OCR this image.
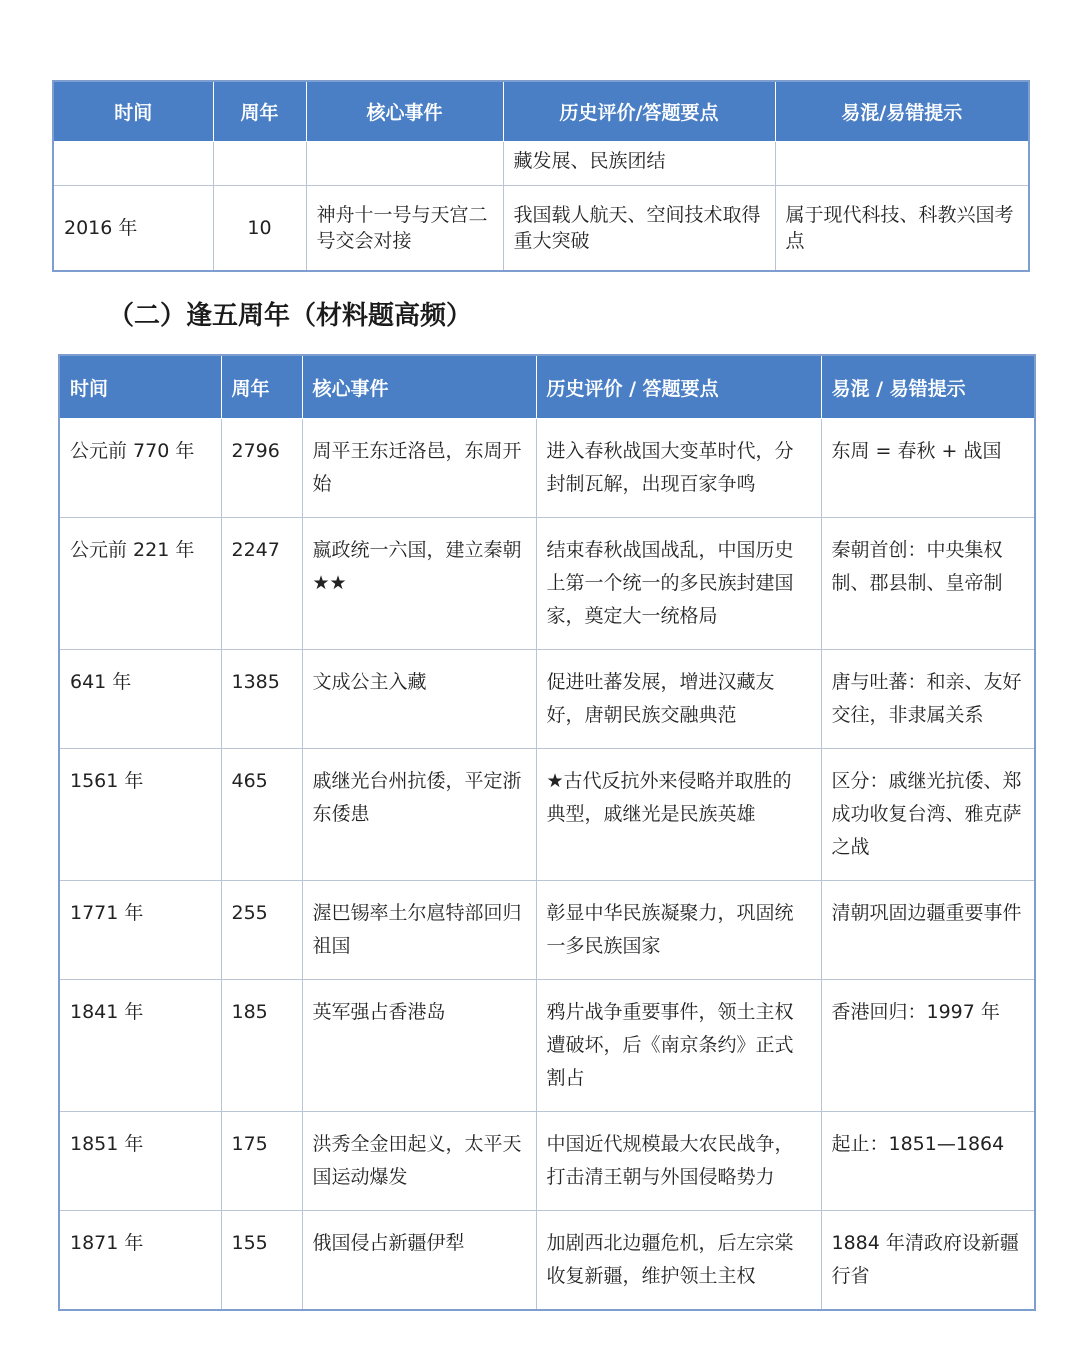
时间	周年	核心事件	历史评价/答题要点	易混/易错提示
			藏发展、民族团结	
2016 年	10	神舟十一号与天宫二号交会对接	我国载人航天、空间技术取得重大突破	属于现代科技、科教兴国考点
（二）逢五周年（材料题高频）
时间	周年	核心事件	历史评价 / 答题要点	易混 / 易错提示
公元前 770 年	2796	周平王东迁洛邑，东周开始	进入春秋战国大变革时代，分封制瓦解，出现百家争鸣	东周 = 春秋 + 战国
公元前 221 年	2247	嬴政统一六国，建立秦朝★★	结束春秋战国战乱，中国历史上第一个统一的多民族封建国家，奠定大一统格局	秦朝首创：中央集权制、郡县制、皇帝制
641 年	1385	文成公主入藏	促进吐蕃发展，增进汉藏友好，唐朝民族交融典范	唐与吐蕃：和亲、友好交往，非隶属关系
1561 年	465	戚继光台州抗倭，平定浙东倭患	★古代反抗外来侵略并取胜的典型，戚继光是民族英雄	区分：戚继光抗倭、郑成功收复台湾、雅克萨之战
1771 年	255	渥巴锡率土尔扈特部回归祖国	彰显中华民族凝聚力，巩固统一多民族国家	清朝巩固边疆重要事件
1841 年	185	英军强占香港岛	鸦片战争重要事件，领土主权遭破坏，后《南京条约》正式割占	香港回归：1997 年
1851 年	175	洪秀全金田起义，太平天国运动爆发	中国近代规模最大农民战争，打击清王朝与外国侵略势力	起止：1851—1864
1871 年	155	俄国侵占新疆伊犁	加剧西北边疆危机，后左宗棠收复新疆，维护领土主权	1884 年清政府设新疆行省
